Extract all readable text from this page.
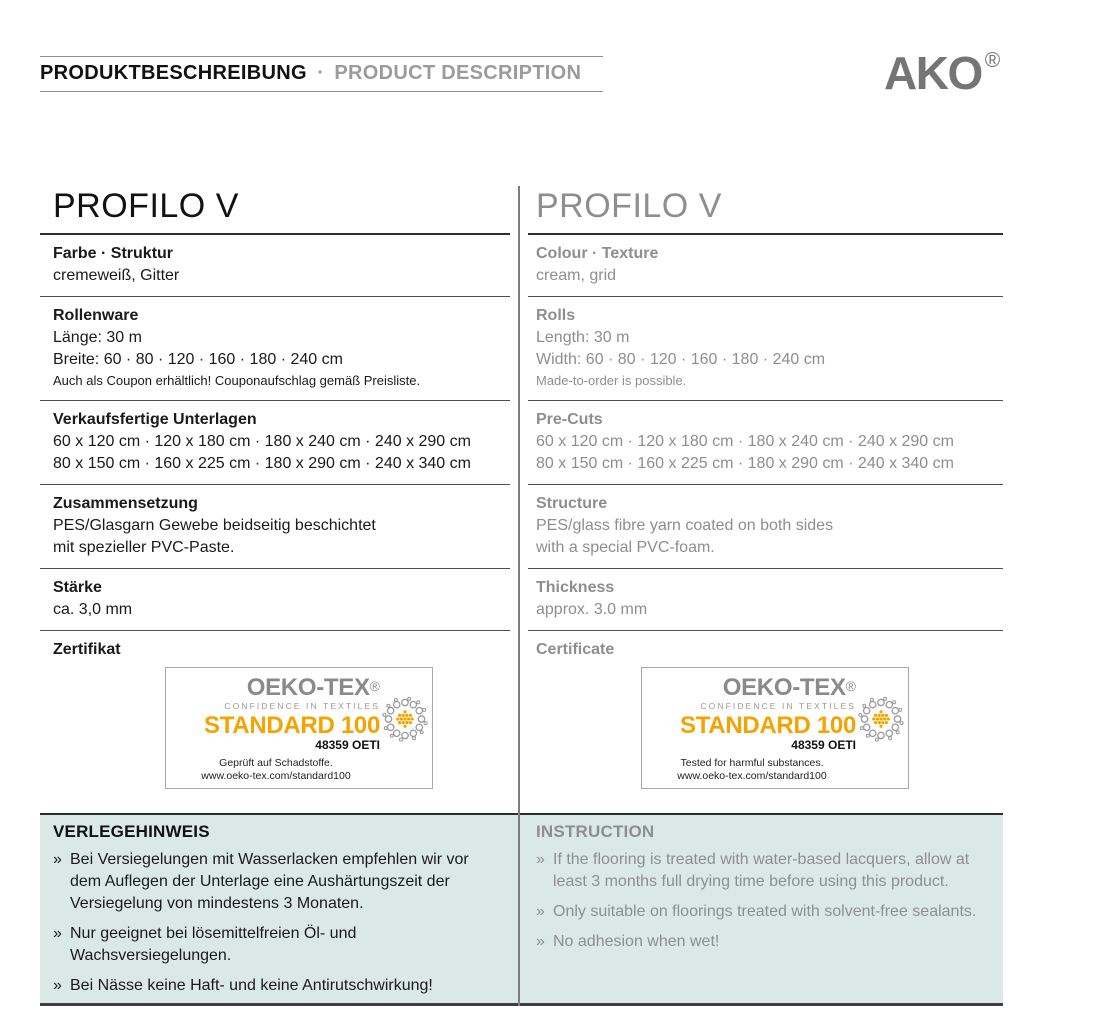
PRODUKTBESCHREIBUNG · PRODUCT DESCRIPTION	AKO ®
PROFILO V	PROFILO V
Farbe · Struktur
cremeweiß, Gitter
Colour · Texture
cream, grid
Rollenware
Länge: 30 m
Breite: 60 · 80 · 120 · 160 · 180 · 240 cm
Auch als Coupon erhältlich! Couponaufschlag gemäß Preisliste.
Rolls
Length: 30 m
Width: 60 · 80 · 120 · 160 · 180 · 240 cm
Made-to-order is possible.
Verkaufsfertige Unterlagen
60 x 120 cm · 120 x 180 cm · 180 x 240 cm · 240 x 290 cm
80 x 150 cm · 160 x 225 cm · 180 x 290 cm · 240 x 340 cm
Pre-Cuts
60 x 120 cm · 120 x 180 cm · 180 x 240 cm · 240 x 290 cm
80 x 150 cm · 160 x 225 cm · 180 x 290 cm · 240 x 340 cm
Zusammensetzung
PES/Glasgarn Gewebe beidseitig beschichtet
mit spezieller PVC-Paste.
Structure
PES/glass fibre yarn coated on both sides
with a special PVC-foam.
Stärke
ca. 3,0 mm
Thickness
approx. 3.0 mm
Zertifikat
OEKO-TEX®
CONFIDENCE IN TEXTILES
STANDARD 100
48359 OETI
Geprüft auf Schadstoffe.
www.oeko-tex.com/standard100
Certificate
OEKO-TEX®
CONFIDENCE IN TEXTILES
STANDARD 100
48359 OETI
Tested for harmful substances.
www.oeko-tex.com/standard100
VERLEGEHINWEIS
» Bei Versiegelungen mit Wasserlacken empfehlen wir vor dem Auflegen der Unterlage eine Aushärtungszeit der Versiegelung von mindestens 3 Monaten.
» Nur geeignet bei lösemittelfreien Öl- und Wachsversiegelungen.
» Bei Nässe keine Haft- und keine Antirutschwirkung!
INSTRUCTION
» If the flooring is treated with water-based lacquers, allow at least 3 months full drying time before using this product.
» Only suitable on floorings treated with solvent-free sealants.
» No adhesion when wet!
